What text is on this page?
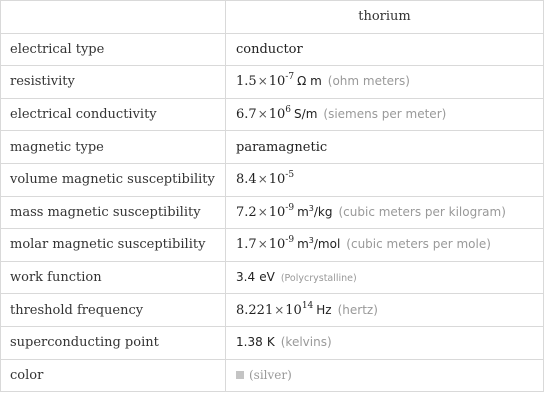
	thorium
electrical type	conductor
resistivity	$1.5\times 10^{-7}$ Ω m (ohm meters)
electrical conductivity	$6.7\times 10^6$ S/m (siemens per meter)
magnetic type	paramagnetic
volume magnetic susceptibility	$8.4\times 10^{-5}$
mass magnetic susceptibility	$7.2\times 10^{-9}$ $m^3/kg$ (cubic meters per kilogram)
molar magnetic susceptibility	$1.7\times 10^{-9}$ $m^3$/mol (cubic meters per mole)
work function	3.4 eV (Polycrystalline)
threshold frequency	$8.221\times 10^{14}$ Hz (hertz)
superconducting point	1.38 K (kelvins)
color	(silver)
